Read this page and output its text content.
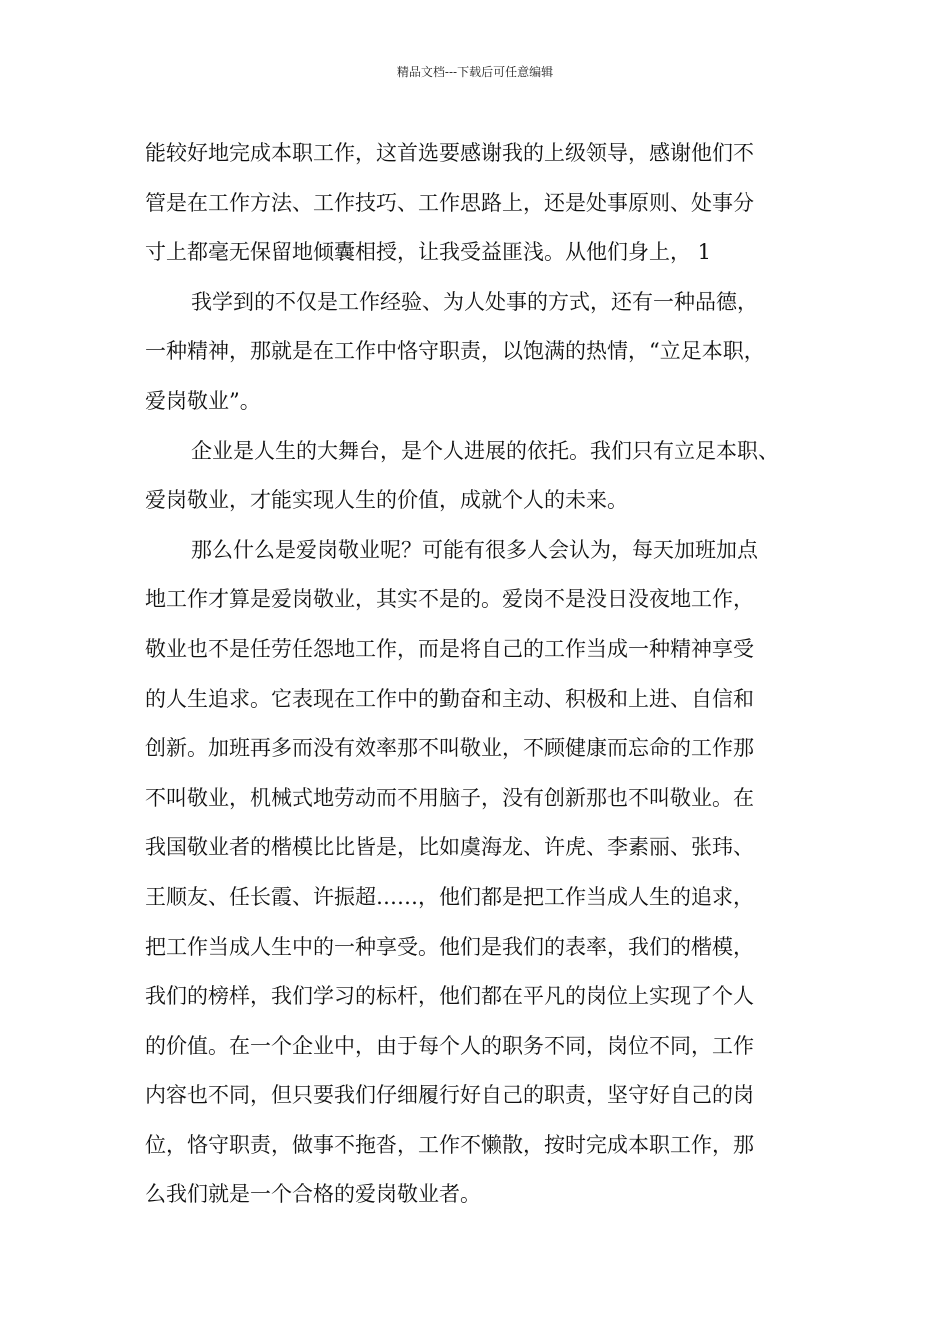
精品文档---下载后可任意编辑
能较好地完成本职工作，这首选要感谢我的上级领导，感谢他们不
管是在工作方法、工作技巧、工作思路上，还是处事原则、处事分
寸上都毫无保留地倾囊相授，让我受益匪浅。从他们身上， 1
我学到的不仅是工作经验、为人处事的方式，还有一种品德，
一种精神，那就是在工作中恪守职责，以饱满的热情，“立足本职，
爱岗敬业”。
企业是人生的大舞台，是个人进展的依托。我们只有立足本职、
爱岗敬业，才能实现人生的价值，成就个人的未来。
那么什么是爱岗敬业呢？可能有很多人会认为，每天加班加点
地工作才算是爱岗敬业，其实不是的。爱岗不是没日没夜地工作，
敬业也不是任劳任怨地工作，而是将自己的工作当成一种精神享受
的人生追求。它表现在工作中的勤奋和主动、积极和上进、自信和
创新。加班再多而没有效率那不叫敬业，不顾健康而忘命的工作那
不叫敬业，机械式地劳动而不用脑子，没有创新那也不叫敬业。在
我国敬业者的楷模比比皆是，比如虞海龙、许虎、李素丽、张玮、
王顺友、任长霞、许振超……，他们都是把工作当成人生的追求，
把工作当成人生中的一种享受。他们是我们的表率，我们的楷模，
我们的榜样，我们学习的标杆，他们都在平凡的岗位上实现了个人
的价值。在一个企业中，由于每个人的职务不同，岗位不同，工作
内容也不同，但只要我们仔细履行好自己的职责，坚守好自己的岗
位，恪守职责，做事不拖沓，工作不懒散，按时完成本职工作，那
么我们就是一个合格的爱岗敬业者。
